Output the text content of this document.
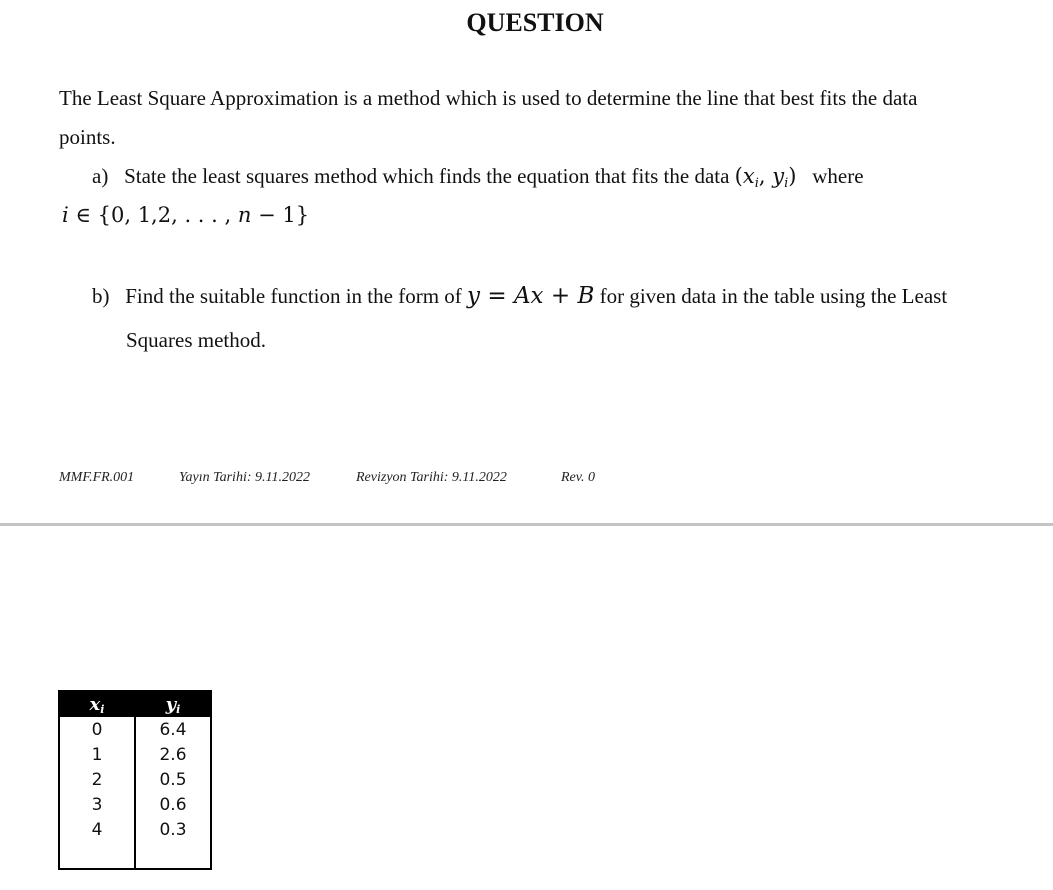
QUESTION
The Least Square Approximation is a method which is used to determine the line that best fits the data
points.
a) State the least squares method which finds the equation that fits the data ($x_i$, $y_i$) where
i ∈ {0, 1,2, . . . , n − 1}
b) Find the suitable function in the form of y = Ax + B for given data in the table using the Least
Squares method.
MMF.FR.001	Yayın Tarihi: 9.11.2022	Revizyon Tarihi: 9.11.2022	Rev. 0
$x_i$	$y_i$
0	6.4
1	2.6
2	0.5
3	0.6
4	0.3
